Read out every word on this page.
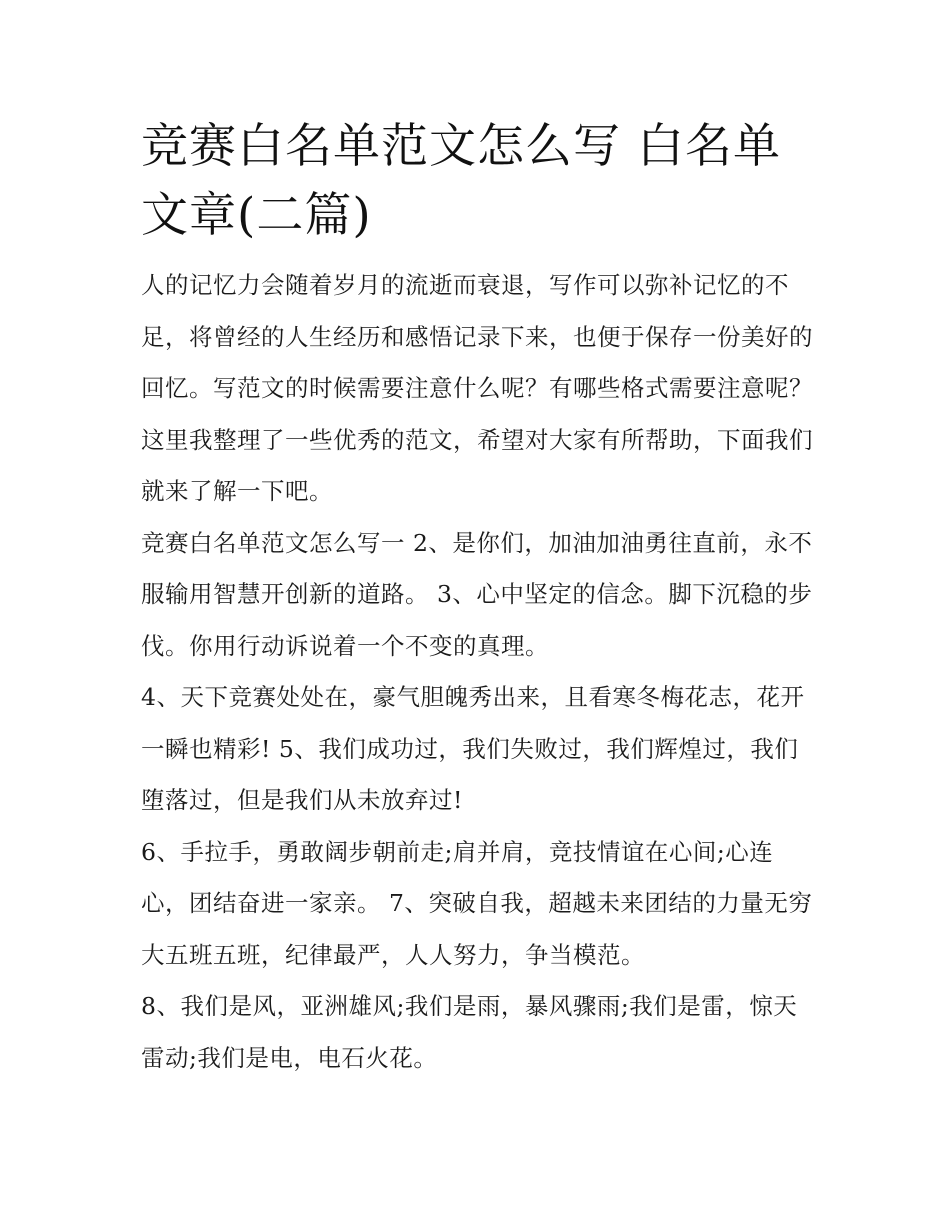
竞赛白名单范文怎么写 白名单文章(二篇)

人的记忆力会随着岁月的流逝而衰退，写作可以弥补记忆的不足，将曾经的人生经历和感悟记录下来，也便于保存一份美好的回忆。写范文的时候需要注意什么呢？有哪些格式需要注意呢？这里我整理了一些优秀的范文，希望对大家有所帮助，下面我们就来了解一下吧。

竞赛白名单范文怎么写一 2、是你们，加油加油勇往直前，永不服输用智慧开创新的道路。 3、心中坚定的信念。脚下沉稳的步伐。你用行动诉说着一个不变的真理。

4、天下竞赛处处在，豪气胆魄秀出来，且看寒冬梅花志，花开一瞬也精彩! 5、我们成功过，我们失败过，我们辉煌过，我们堕落过，但是我们从未放弃过!

6、手拉手，勇敢阔步朝前走;肩并肩，竞技情谊在心间;心连心，团结奋进一家亲。 7、突破自我，超越未来团结的力量无穷大五班五班，纪律最严，人人努力，争当模范。

8、我们是风，亚洲雄风;我们是雨，暴风骤雨;我们是雷，惊天雷动;我们是电，电石火花。
